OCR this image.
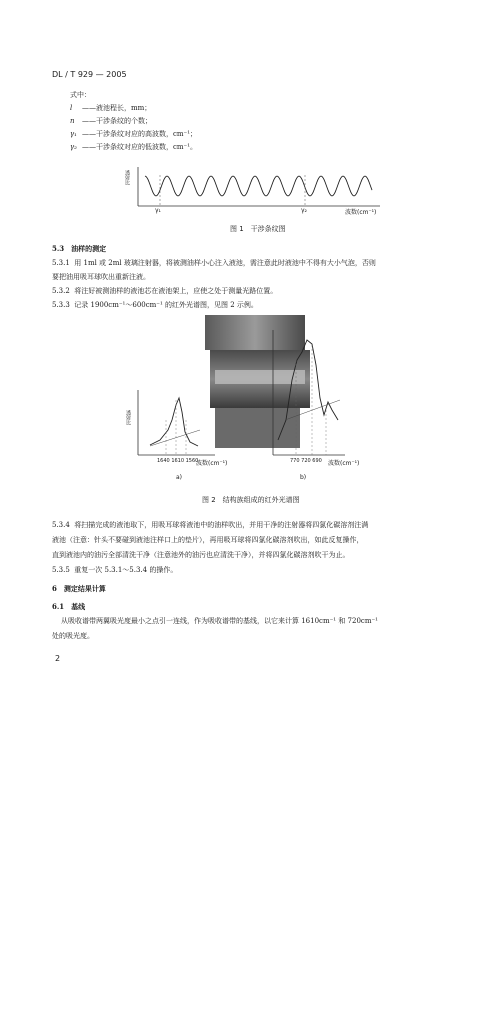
DL / T 929 — 2005
式中：
l ——液池程长，mm；
n ——干涉条纹的个数；
γ₁ ——干涉条纹对应的高波数，cm⁻¹；
γ₂ ——干涉条纹对应的低波数，cm⁻¹。
透射比
γ₁	γ₂	波数(cm⁻¹)
图 1　干涉条纹图
5.3　油样的测定
5.3.1 用 1ml 或 2ml 玻璃注射器，将被测油样小心注入液池，需注意此时液池中不得有大小气泡，否则
要把油用吸耳球吹出重新注液。
5.3.2 将注好被测油样的液池芯在液池架上，应使之处于测量光路位置。
5.3.3 记录 1900cm⁻¹～600cm⁻¹ 的红外光谱图，见图 2 示例。
透射比
1640 1610 1560
波数(cm⁻¹)
a)
770 720 690 波数(cm⁻¹)
b)
图 2　结构族组成的红外光谱图
5.3.4 将扫描完成的液池取下，用吸耳球将液池中的油样吹出，并用干净的注射器将四氯化碳溶剂注满
液池（注意：针头不要碰到液池注样口上的垫片），再用吸耳球将四氯化碳溶剂吹出，如此反复操作，
直到液池内的油污全部清洗干净（注意池外的油污也应清洗干净），并将四氯化碳溶剂吹干为止。
5.3.5 重复一次 5.3.1～5.3.4 的操作。
6　测定结果计算
6.1　基线
从吸收谱带两翼吸光度最小之点引一连线，作为吸收谱带的基线，以它来计算 1610cm⁻¹ 和 720cm⁻¹
处的吸光度。
2
